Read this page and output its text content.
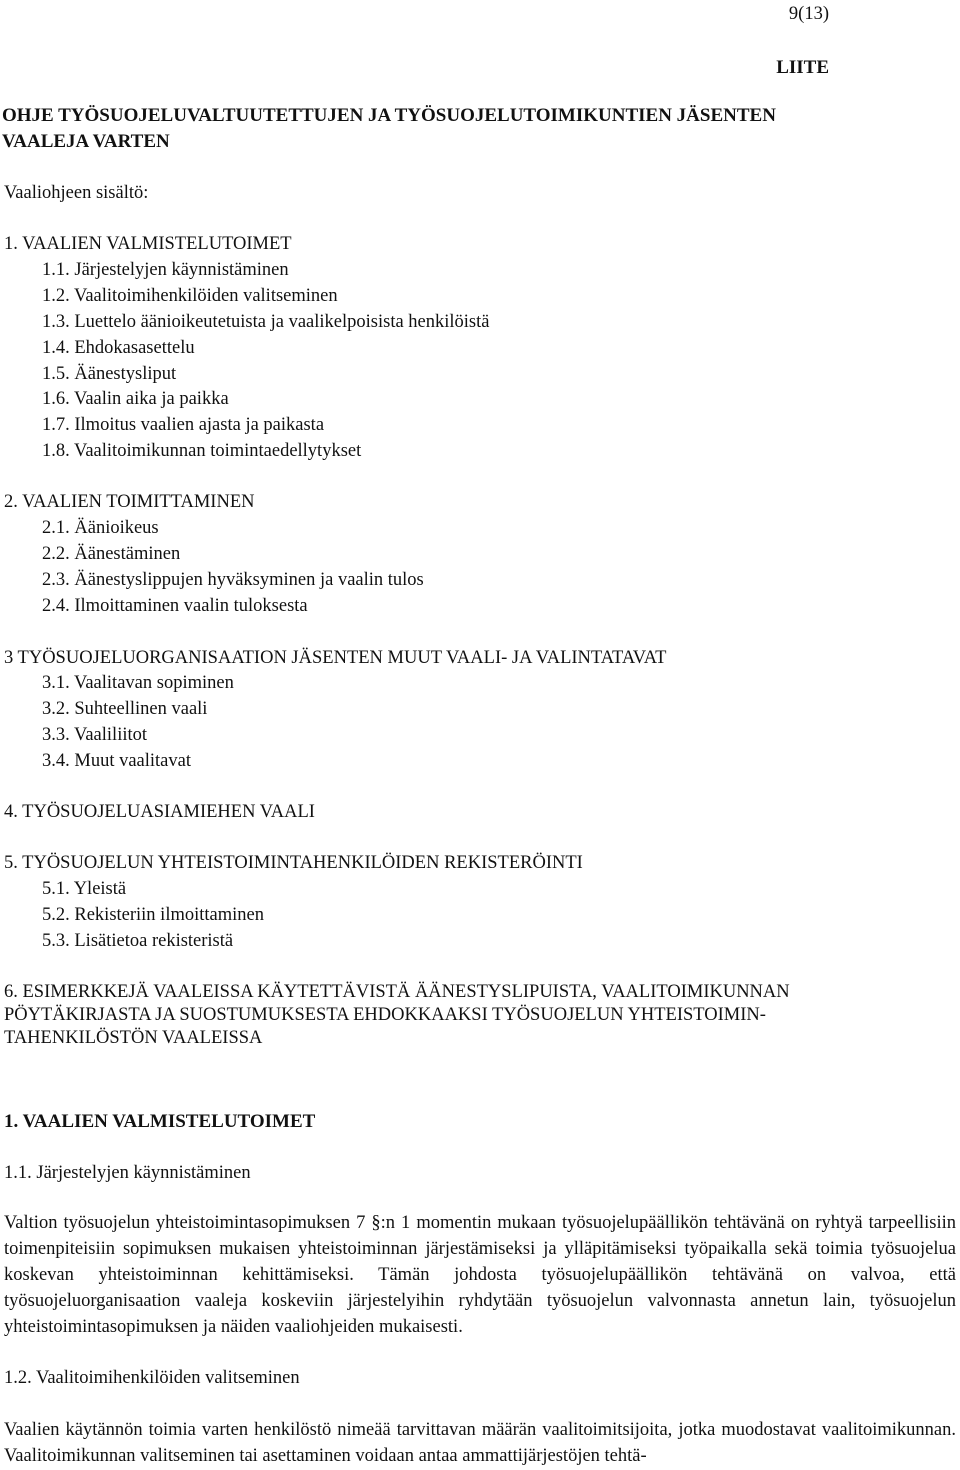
9(13)
LIITE
OHJE TYÖSUOJELUVALTUUTETTUJEN JA TYÖSUOJELUTOIMIKUNTIEN JÄSENTEN
VAALEJA VARTEN
Vaaliohjeen sisältö:
1. VAALIEN VALMISTELUTOIMET
1.1. Järjestelyjen käynnistäminen
1.2. Vaalitoimihenkilöiden valitseminen
1.3. Luettelo äänioikeutetuista ja vaalikelpoisista henkilöistä
1.4. Ehdokasasettelu
1.5. Äänestysliput
1.6. Vaalin aika ja paikka
1.7. Ilmoitus vaalien ajasta ja paikasta
1.8. Vaalitoimikunnan toimintaedellytykset
2. VAALIEN TOIMITTAMINEN
2.1. Äänioikeus
2.2. Äänestäminen
2.3. Äänestyslippujen hyväksyminen ja vaalin tulos
2.4. Ilmoittaminen vaalin tuloksesta
3 TYÖSUOJELUORGANISAATION JÄSENTEN MUUT VAALI- JA VALINTATAVAT
3.1. Vaalitavan sopiminen
3.2. Suhteellinen vaali
3.3. Vaaliliitot
3.4. Muut vaalitavat
4. TYÖSUOJELUASIAMIEHEN VAALI
5. TYÖSUOJELUN YHTEISTOIMINTAHENKILÖIDEN REKISTERÖINTI
5.1. Yleistä
5.2. Rekisteriin ilmoittaminen
5.3. Lisätietoa rekisteristä
6. ESIMERKKEJÄ VAALEISSA KÄYTETTÄVISTÄ ÄÄNESTYSLIPUISTA, VAALITOIMIKUNNAN
PÖYTÄKIRJASTA JA SUOSTUMUKSESTA EHDOKKAAKSI TYÖSUOJELUN YHTEISTOIMIN-
TAHENKILÖSTÖN VAALEISSA
1. VAALIEN VALMISTELUTOIMET
1.1. Järjestelyjen käynnistäminen
Valtion työsuojelun yhteistoimintasopimuksen 7 §:n 1 momentin mukaan työsuojelupäällikön tehtävänä on ryhtyä tarpeellisiin toimenpiteisiin sopimuksen mukaisen yhteistoiminnan järjestämiseksi ja ylläpitämiseksi työpaikalla sekä toimia työsuojelua koskevan yhteistoiminnan kehittämiseksi. Tämän johdosta työsuojelupäällikön tehtävänä on valvoa, että työsuojeluorganisaation vaaleja koskeviin järjestelyihin ryhdytään työsuojelun valvonnasta annetun lain, työsuojelun yhteistoimintasopimuksen ja näiden vaaliohjeiden mukaisesti.
1.2. Vaalitoimihenkilöiden valitseminen
Vaalien käytännön toimia varten henkilöstö nimeää tarvittavan määrän vaalitoimitsijoita, jotka muodostavat vaalitoimikunnan. Vaalitoimikunnan valitseminen tai asettaminen voidaan antaa ammattijärjestöjen tehtä-
